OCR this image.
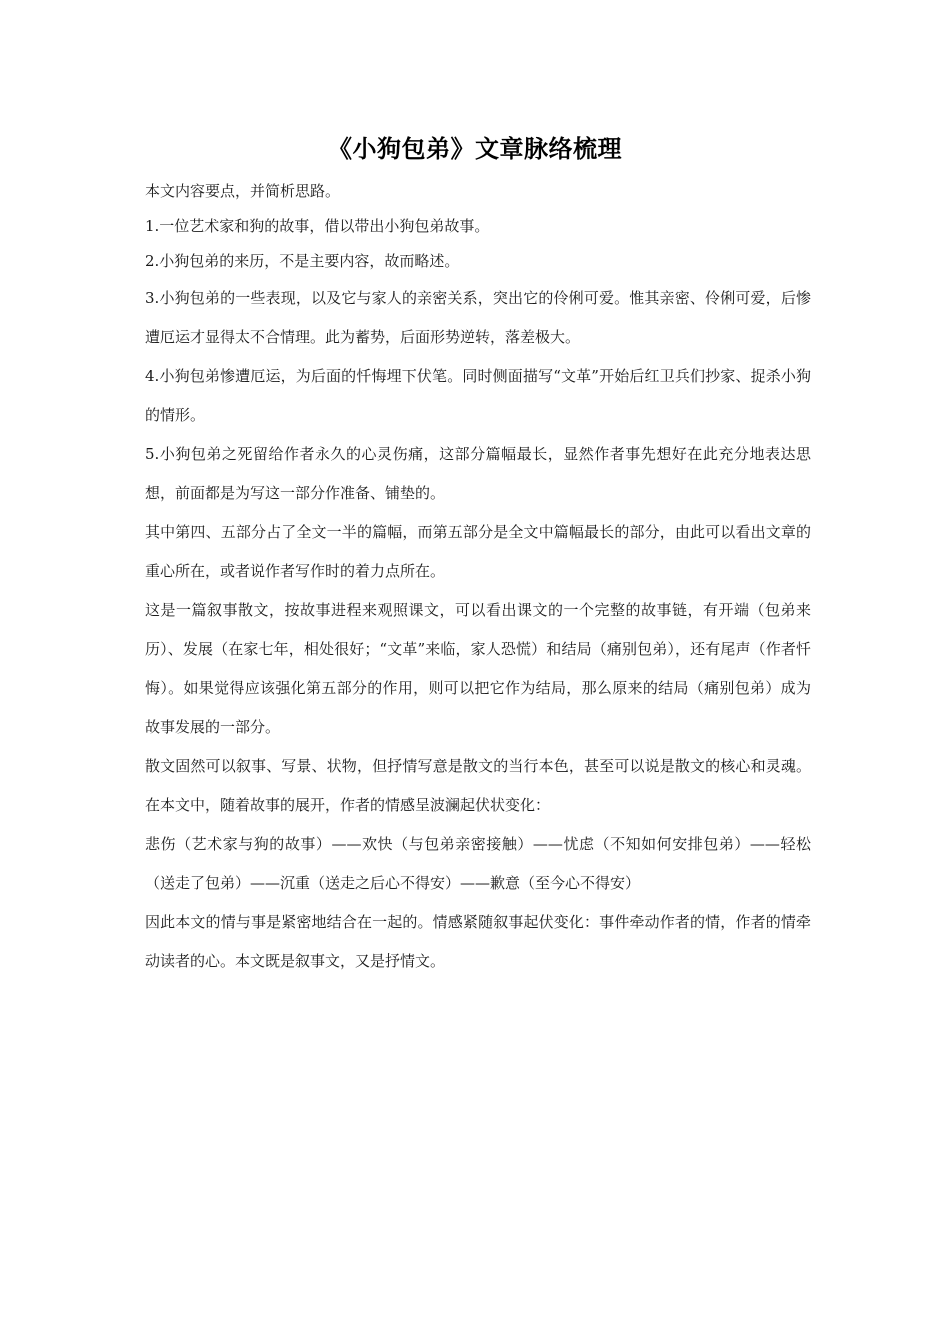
《小狗包弟》文章脉络梳理

本文内容要点，并简析思路。

1.一位艺术家和狗的故事，借以带出小狗包弟故事。

2.小狗包弟的来历，不是主要内容，故而略述。

3.小狗包弟的一些表现，以及它与家人的亲密关系，突出它的伶俐可爱。惟其亲密、伶俐可爱，后惨遭厄运才显得太不合情理。此为蓄势，后面形势逆转，落差极大。

4.小狗包弟惨遭厄运，为后面的忏悔埋下伏笔。同时侧面描写“文革”开始后红卫兵们抄家、捉杀小狗的情形。

5.小狗包弟之死留给作者永久的心灵伤痛，这部分篇幅最长，显然作者事先想好在此充分地表达思想，前面都是为写这一部分作准备、铺垫的。

其中第四、五部分占了全文一半的篇幅，而第五部分是全文中篇幅最长的部分，由此可以看出文章的重心所在，或者说作者写作时的着力点所在。

这是一篇叙事散文，按故事进程来观照课文，可以看出课文的一个完整的故事链，有开端（包弟来历）、发展（在家七年，相处很好；“文革”来临，家人恐慌）和结局（痛别包弟），还有尾声（作者忏悔）。如果觉得应该强化第五部分的作用，则可以把它作为结局，那么原来的结局（痛别包弟）成为故事发展的一部分。

散文固然可以叙事、写景、状物，但抒情写意是散文的当行本色，甚至可以说是散文的核心和灵魂。在本文中，随着故事的展开，作者的情感呈波澜起伏状变化：

悲伤（艺术家与狗的故事）——欢快（与包弟亲密接触）——忧虑（不知如何安排包弟）——轻松（送走了包弟）——沉重（送走之后心不得安）——歉意（至今心不得安）

因此本文的情与事是紧密地结合在一起的。情感紧随叙事起伏变化：事件牵动作者的情，作者的情牵动读者的心。本文既是叙事文，又是抒情文。
